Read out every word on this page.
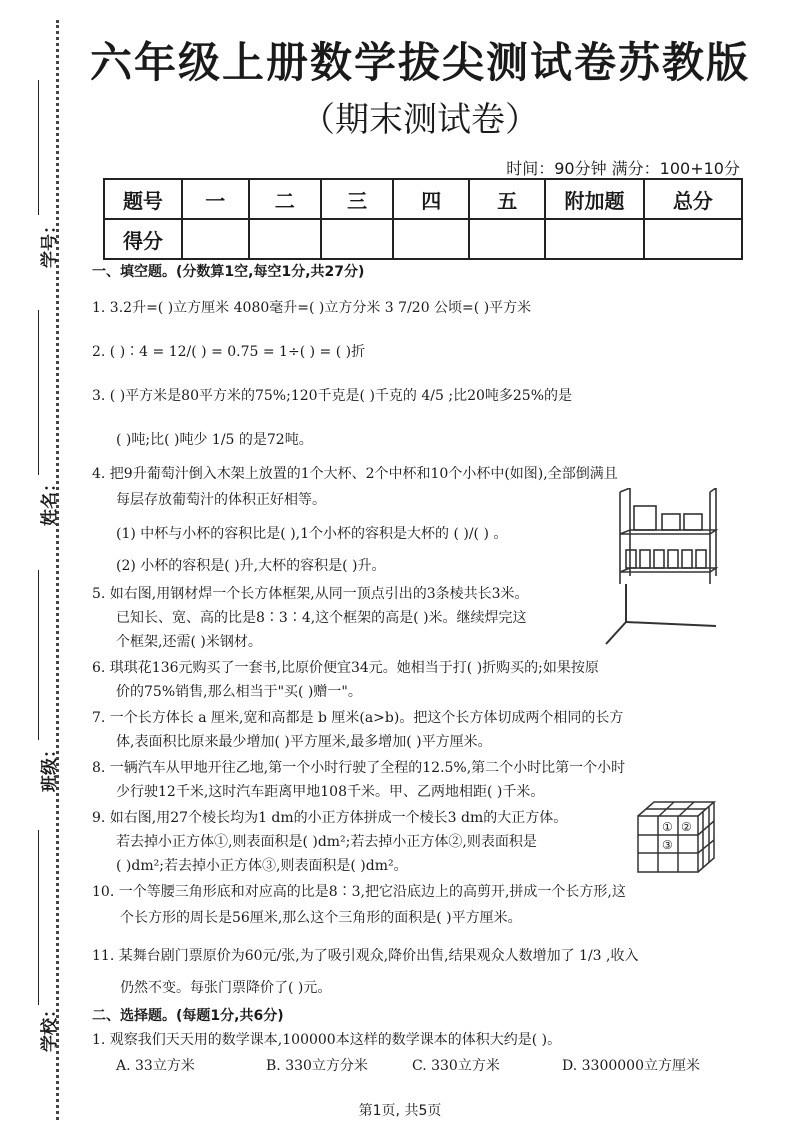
学号：
姓名：
班级：
学校：
六年级上册数学拔尖测试卷苏教版
（期末测试卷）
时间：90分钟 满分：100+10分
题号	一	二	三	四	五	附加题	总分
得分							
一、填空题。(分数算1空,每空1分,共27分)
1. 3.2升=( )立方厘米 4080毫升=( )立方分米 3 7/20 公顷=( )平方米
2. ( )∶4 = 12/( ) = 0.75 = 1÷( ) = ( )折
3. ( )平方米是80平方米的75%;120千克是( )千克的 4/5 ;比20吨多25%的是
( )吨;比( )吨少 1/5 的是72吨。
4. 把9升葡萄汁倒入木架上放置的1个大杯、2个中杯和10个小杯中(如图),全部倒满且
每层存放葡萄汁的体积正好相等。
(1) 中杯与小杯的容积比是( ),1个小杯的容积是大杯的 ( )/( ) 。
(2) 小杯的容积是( )升,大杯的容积是( )升。
5. 如右图,用钢材焊一个长方体框架,从同一顶点引出的3条棱共长3米。
已知长、宽、高的比是8∶3∶4,这个框架的高是( )米。继续焊完这
个框架,还需( )米钢材。
6. 琪琪花136元购买了一套书,比原价便宜34元。她相当于打( )折购买的;如果按原
价的75%销售,那么相当于"买( )赠一"。
7. 一个长方体长 a 厘米,宽和高都是 b 厘米(a>b)。把这个长方体切成两个相同的长方
体,表面积比原来最少增加( )平方厘米,最多增加( )平方厘米。
8. 一辆汽车从甲地开往乙地,第一个小时行驶了全程的12.5%,第二个小时比第一个小时
少行驶12千米,这时汽车距离甲地108千米。甲、乙两地相距( )千米。
9. 如右图,用27个棱长均为1 dm的小正方体拼成一个棱长3 dm的大正方体。
若去掉小正方体①,则表面积是( )dm²;若去掉小正方体②,则表面积是
( )dm²;若去掉小正方体③,则表面积是( )dm²。
10. 一个等腰三角形底和对应高的比是8∶3,把它沿底边上的高剪开,拼成一个长方形,这
个长方形的周长是56厘米,那么这个三角形的面积是( )平方厘米。
11. 某舞台剧门票原价为60元/张,为了吸引观众,降价出售,结果观众人数增加了 1/3 ,收入
仍然不变。每张门票降价了( )元。
二、选择题。(每题1分,共6分)
1. 观察我们天天用的数学课本,100000本这样的数学课本的体积大约是( )。
A. 33立方米	B. 330立方分米	C. 330立方米	D. 3300000立方厘米
① ②
③
第1页, 共5页
